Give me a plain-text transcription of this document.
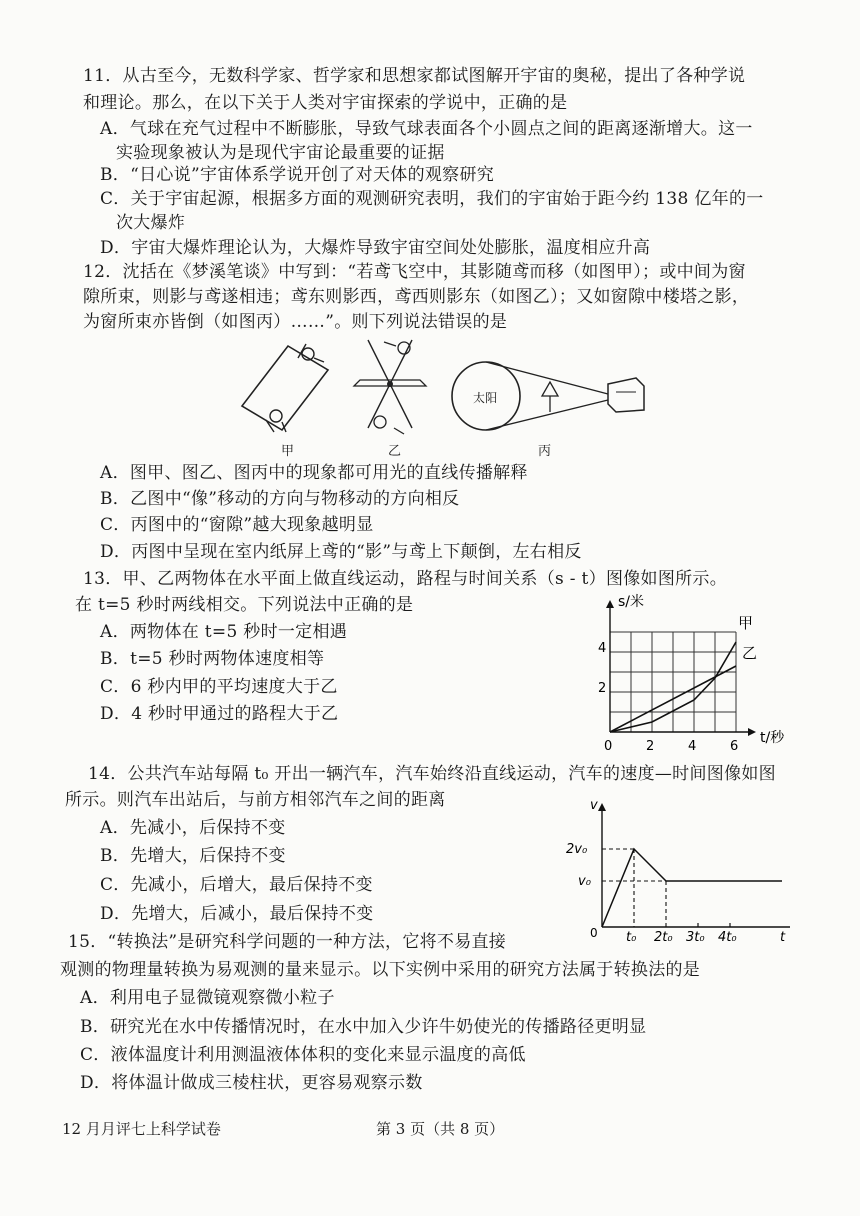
11．从古至今，无数科学家、哲学家和思想家都试图解开宇宙的奥秘，提出了各种学说
和理论。那么，在以下关于人类对宇宙探索的学说中，正确的是
A．气球在充气过程中不断膨胀，导致气球表面各个小圆点之间的距离逐渐增大。这一
实验现象被认为是现代宇宙论最重要的证据
B．“日心说”宇宙体系学说开创了对天体的观察研究
C．关于宇宙起源，根据多方面的观测研究表明，我们的宇宙始于距今约 138 亿年的一
次大爆炸
D．宇宙大爆炸理论认为，大爆炸导致宇宙空间处处膨胀，温度相应升高
12．沈括在《梦溪笔谈》中写到：“若鸢飞空中，其影随鸢而移（如图甲）；或中间为窗
隙所束，则影与鸢遂相违；鸢东则影西，鸢西则影东（如图乙）；又如窗隙中楼塔之影，
为窗所束亦皆倒（如图丙）……”。则下列说法错误的是
甲	乙
太阳
丙
A．图甲、图乙、图丙中的现象都可用光的直线传播解释
B．乙图中“像”移动的方向与物移动的方向相反
C．丙图中的“窗隙”越大现象越明显
D．丙图中呈现在室内纸屏上鸢的“影”与鸢上下颠倒，左右相反
13．甲、乙两物体在水平面上做直线运动，路程与时间关系（s - t）图像如图所示。
在 t=5 秒时两线相交。下列说法中正确的是
A．两物体在 t=5 秒时一定相遇
B．t=5 秒时两物体速度相等
C．6 秒内甲的平均速度大于乙
D．4 秒时甲通过的路程大于乙
s/米
t/秒
甲
乙
0	2	4	6
2
4
14．公共汽车站每隔 t₀ 开出一辆汽车，汽车始终沿直线运动，汽车的速度—时间图像如图
所示。则汽车出站后，与前方相邻汽车之间的距离
A．先减小，后保持不变
B．先增大，后保持不变
C．先减小，后增大，最后保持不变
D．先增大，后减小，最后保持不变
v
t
0
2v₀
v₀
t₀ 2t₀ 3t₀ 4t₀
15．“转换法”是研究科学问题的一种方法，它将不易直接
观测的物理量转换为易观测的量来显示。以下实例中采用的研究方法属于转换法的是
A．利用电子显微镜观察微小粒子
B．研究光在水中传播情况时，在水中加入少许牛奶使光的传播路径更明显
C．液体温度计利用测温液体体积的变化来显示温度的高低
D．将体温计做成三棱柱状，更容易观察示数
12 月月评七上科学试卷	第 3 页（共 8 页）
